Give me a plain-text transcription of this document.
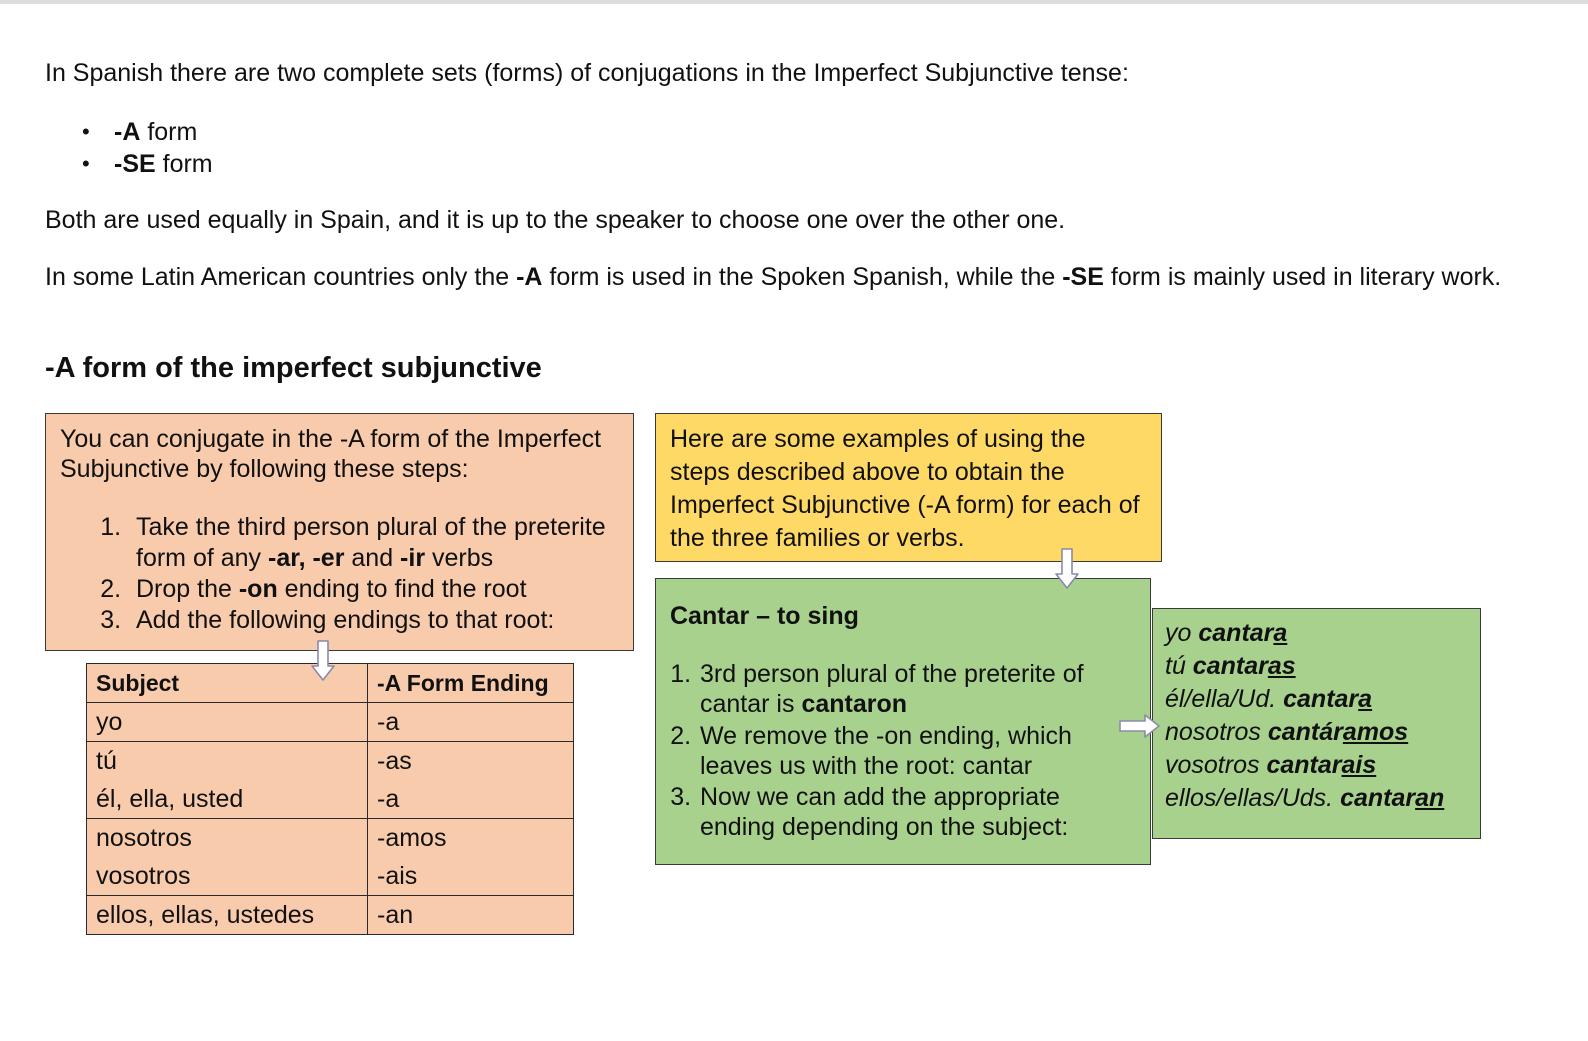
In Spanish there are two complete sets (forms) of conjugations in the Imperfect Subjunctive tense:

• -A form
• -SE form

Both are used equally in Spain, and it is up to the speaker to choose one over the other one.

In some Latin American countries only the -A form is used in the Spoken Spanish, while the -SE form is mainly used in literary work.

-A form of the imperfect subjunctive

You can conjugate in the -A form of the Imperfect Subjunctive by following these steps:

1. Take the third person plural of the preterite form of any -ar, -er and -ir verbs
2. Drop the -on ending to find the root
3. Add the following endings to that root:
Subject	-A Form Ending
yo	-a
tú	-as
él, ella, usted	-a
nosotros	-amos
vosotros	-ais
ellos, ellas, ustedes	-an

Here are some examples of using the steps described above to obtain the Imperfect Subjunctive (-A form) for each of the three families or verbs.

Cantar – to sing

1. 3rd person plural of the preterite of cantar is cantaron
2. We remove the -on ending, which leaves us with the root: cantar
3. Now we can add the appropriate ending depending on the subject:
yo cantara
tú cantaras
él/ella/Ud. cantara
nosotros cantáramos
vosotros cantarais
ellos/ellas/Uds. cantaran
